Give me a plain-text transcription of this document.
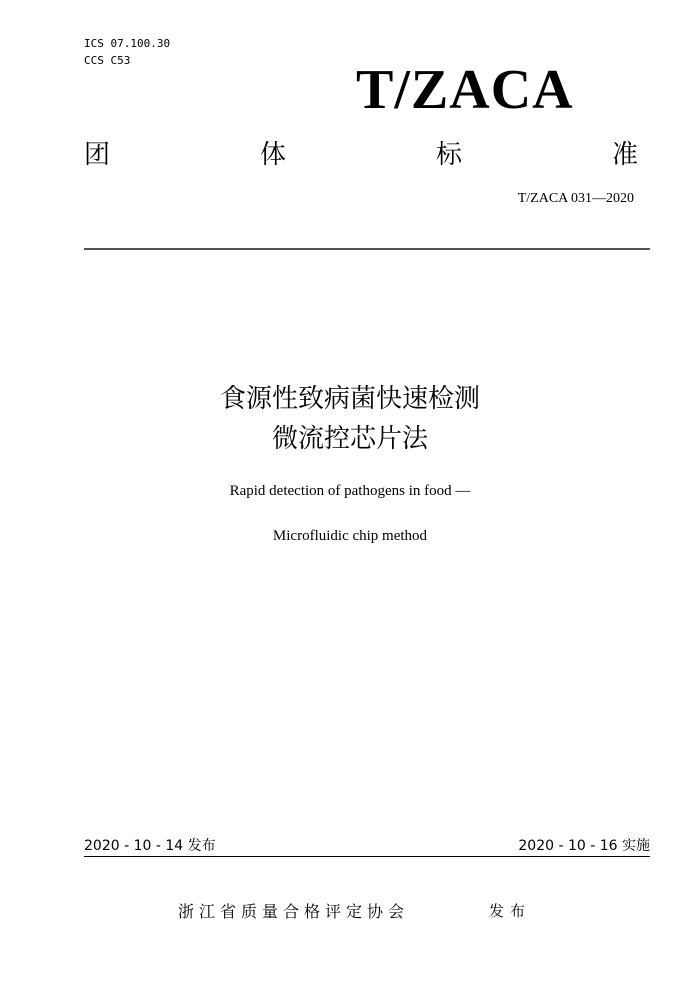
ICS 07.100.30
CCS C53	T/ZACA
团	体	标	准
T/ZACA 031—2020
食源性致病菌快速检测
微流控芯片法
Rapid detection of pathogens in food —
Microfluidic chip method
2020 - 10 - 14 发布	2020 - 10 - 16 实施
浙江省质量合格评定协会	发布
